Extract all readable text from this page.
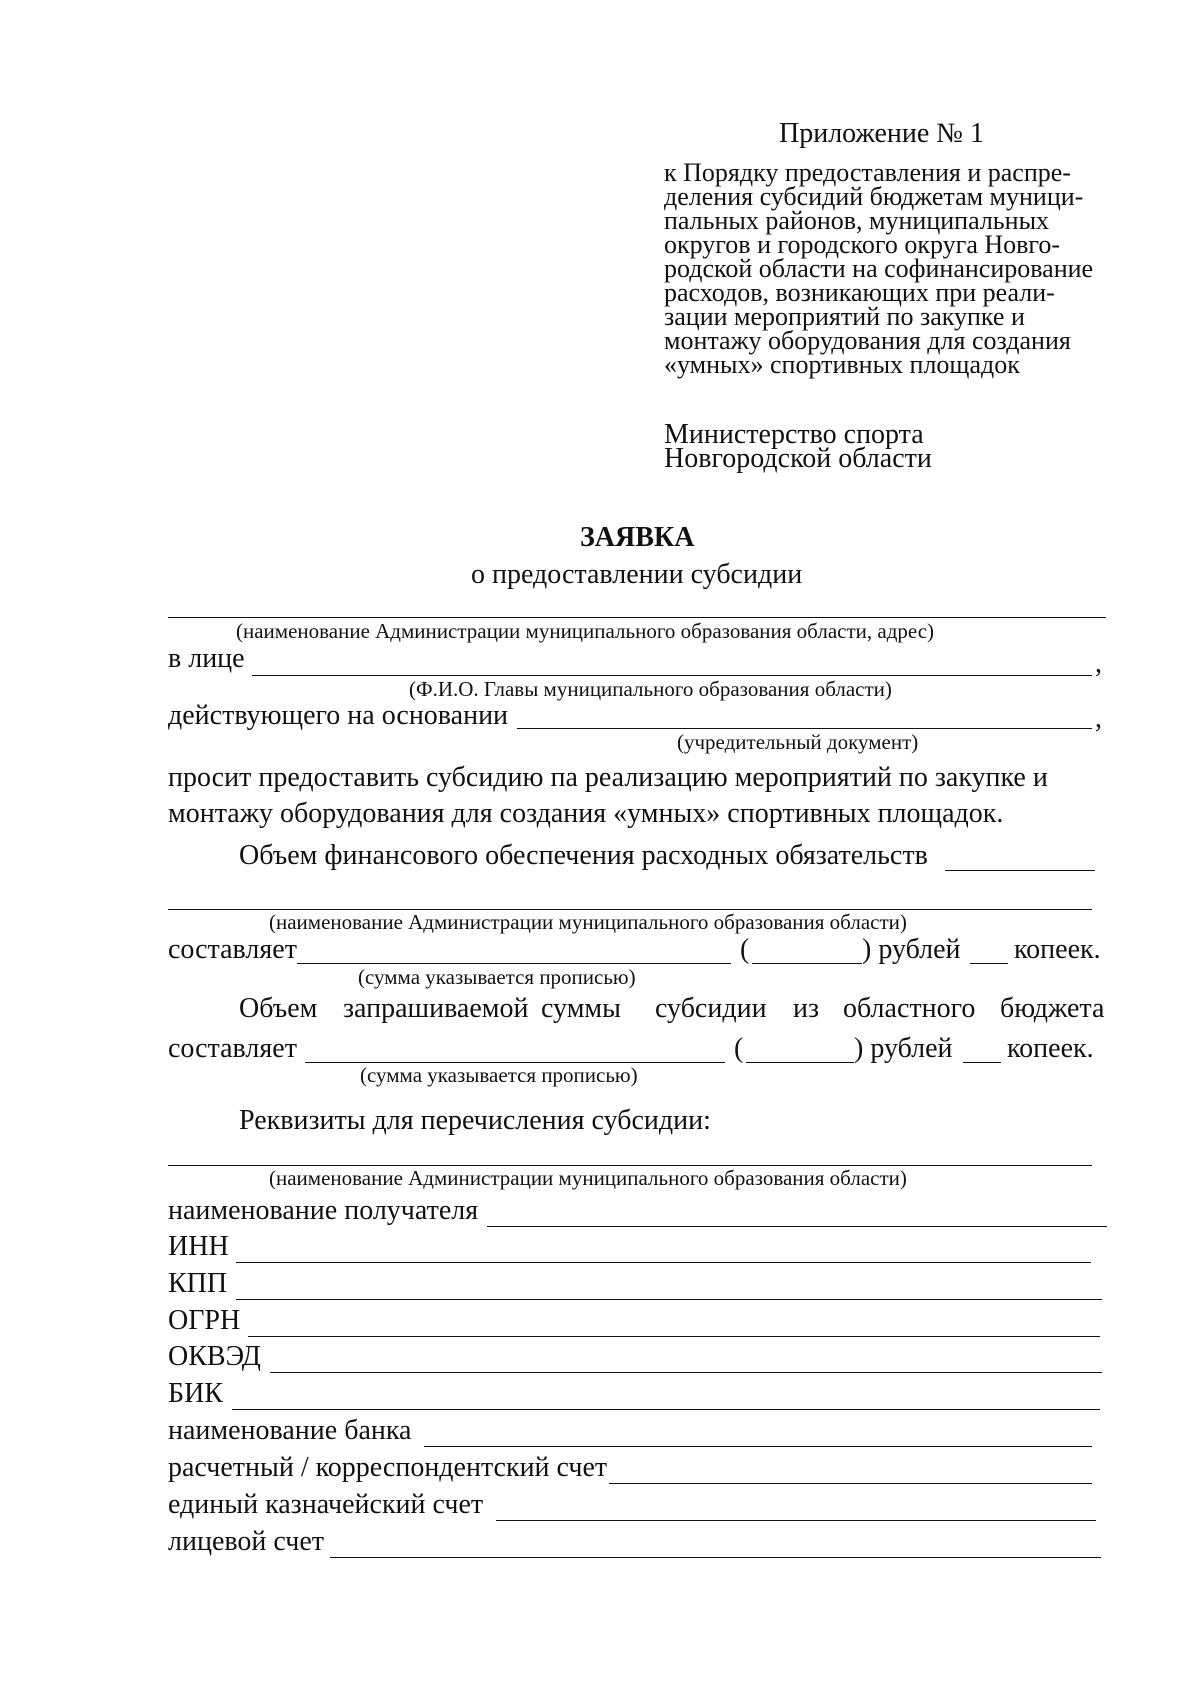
Приложение № 1
к Порядку предоставления и распре-
деления субсидий бюджетам муници-
пальных районов, муниципальных
округов и городского округа Новго-
родской области на софинансирование
расходов, возникающих при реали-
зации мероприятий по закупке и
монтажу оборудования для создания
«умных» спортивных площадок
Министерство спорта
Новгородской области
ЗАЯВКА
о предоставлении субсидии
(наименование Администрации муниципального образования области, адрес)
в лице	,
(Ф.И.О. Главы муниципального образования области)
действующего на основании	,
(учредительный документ)
просит предоставить субсидию па реализацию мероприятий по закупке и
монтажу оборудования для создания «умных» спортивных площадок.
Объем финансового обеспечения расходных обязательств
(наименование Администрации муниципального образования области)
составляет	(	) рублей копеек.
(сумма указывается прописью)
Объем запрашиваемой суммы субсидии из областного бюджета
составляет	(	) рублей копеек.
(сумма указывается прописью)
Реквизиты для перечисления субсидии:
(наименование Администрации муниципального образования области)
наименование получателя
ИНН
КПП
ОГРН
ОКВЭД
БИК
наименование банка
расчетный / корреспондентский счет
единый казначейский счет
лицевой счет
